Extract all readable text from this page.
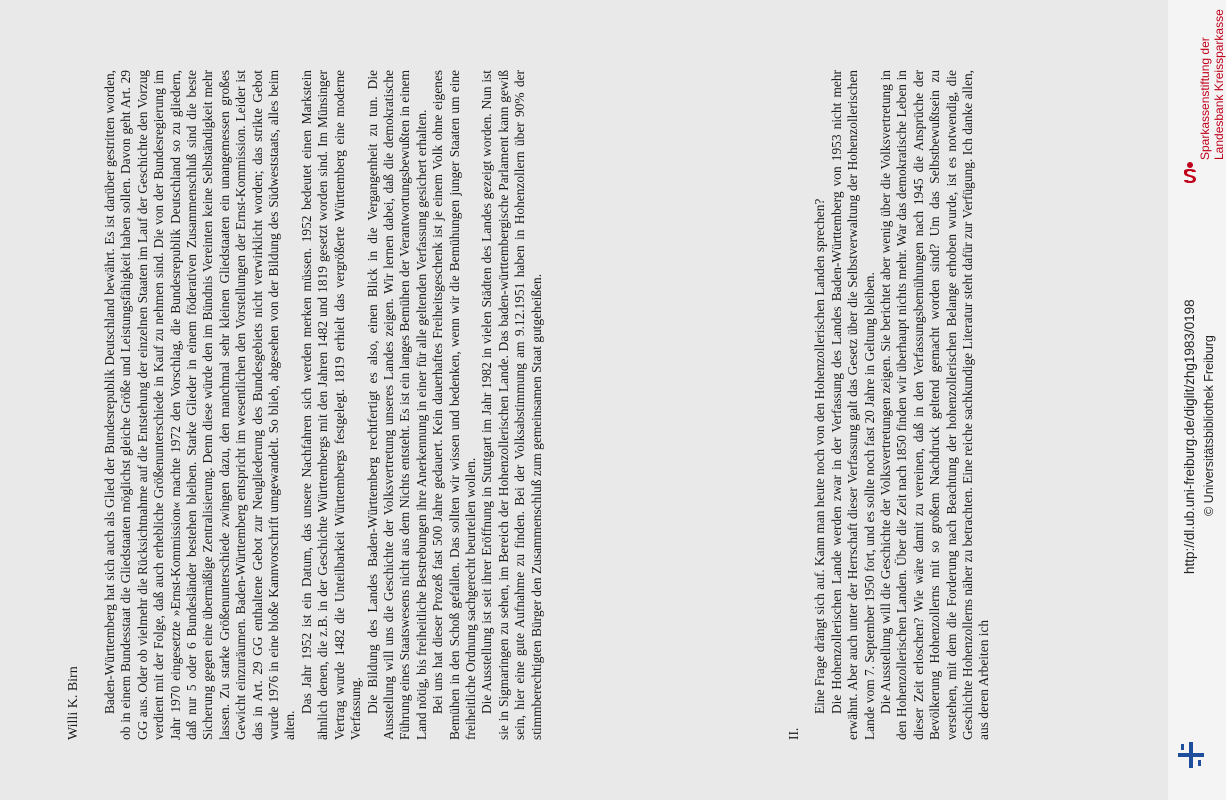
Willi K. Birn Baden-Württemberg hat sich auch als Glied der Bundesrepublik Deutschland bewährt. Es ist darüber gestritten worden, ob in einem Bundesstaat die Gliedstaaten möglichst gleiche Größe und Leistungsfähigkeit haben sollen. Davon geht Art. 29 GG aus. Oder ob vielmehr die Rücksichtnahme auf die Entstehung der einzelnen Staaten im Lauf der Geschichte den Vorzug verdient mit der Folge, daß auch erhebliche Größenunterschiede in Kauf zu nehmen sind. Die von der Bundesregierung im Jahr 1970 eingesetzte »Ernst-Kommission« machte 1972 den Vorschlag, die Bundesrepublik Deutschland so zu gliedern, daß nur 5 oder 6 Bundesländer bestehen bleiben. Starke Glieder in einem föderativen Zusammenschluß sind die beste Sicherung gegen eine übermäßige Zentralisierung. Denn diese würde den im Bündnis Vereinten keine Selbständigkeit mehr lassen. Zu starke Größenunterschiede zwingen dazu, den manchmal sehr kleinen Gliedstaaten ein unangemessen großes Gewicht einzuräumen. Baden-Württemberg entspricht im wesentlichen den Vorstellungen der Ernst-Kommission. Leider ist das in Art. 29 GG enthaltene Gebot zur Neugliederung des Bundesgebiets nicht verwirklicht worden; das strikte Gebot wurde 1976 in eine bloße Kannvorschrift umgewandelt. So blieb, abgesehen von der Bildung des Südweststaats, alles beim alten.

Das Jahr 1952 ist ein Datum, das unsere Nachfahren sich werden merken müssen. 1952 bedeutet einen Markstein ähnlich denen, die z.B. in der Geschichte Württembergs mit den Jahren 1482 und 1819 gesetzt worden sind. Im Münsinger Vertrag wurde 1482 die Unteilbarkeit Württembergs festgelegt. 1819 erhielt das vergrößerte Württemberg eine moderne Verfassung. Die Bildung des Landes Baden-Württemberg rechtfertigt es also, einen Blick in die Vergangenheit zu tun. Die Ausstellung will uns die Geschichte der Volksvertretung unseres Landes zeigen. Wir lernen dabei, daß die demokratische Führung eines Staatswesens nicht aus dem Nichts entsteht. Es ist ein langes Bemühen der Verantwortungsbewußten in einem Land nötig, bis freiheitliche Bestrebungen ihre Anerkennung in einer für alle geltenden Verfassung gesichert erhalten. Bei uns hat dieser Prozeß fast 500 Jahre gedauert. Kein dauerhaftes Freiheitsgeschenk ist je einem Volk ohne eigenes Bemühen in den Schoß gefallen. Das sollten wir wissen und bedenken, wenn wir die Bemühungen junger Staaten um eine freiheitliche Ordnung sachgerecht beurteilen wollen. Die Ausstellung ist seit ihrer Eröffnung in Stuttgart im Jahr 1982 in vielen Städten des Landes gezeigt worden. Nun ist sie in Sigmaringen zu sehen, im Bereich der Hohenzollerischen Lande. Das baden-württembergische Parlament kann gewiß sein, hier eine gute Aufnahme zu finden. Bei der Volksabstimmung am 9.12.1951 haben in Hohenzollern über 90% der stimmberechtigten Bürger den Zusammenschluß zum gemeinsamen Staat gutgeheißen.	II.

Eine Frage drängt sich auf. Kann man heute noch von den Hohenzollerischen Landen sprechen? Die Hohenzollerischen Lande werden zwar in der Verfassung des Landes Baden-Württemberg von 1953 nicht mehr erwähnt. Aber auch unter der Herrschaft dieser Verfassung galt das Gesetz über die Selbstverwaltung der Hohenzollerischen Lande vom 7. September 1950 fort, und es sollte noch fast 20 Jahre in Geltung bleiben. Die Ausstellung will die Geschichte der Volksvertretungen zeigen. Sie berichtet aber wenig über die Volksvertretung in den Hohenzollerischen Landen. Über die Zeit nach 1850 finden wir überhaupt nichts mehr. War das demokratische Leben in dieser Zeit erloschen? Wie wäre damit zu vereinen, daß in den Verfassungsbemühungen nach 1945 die Ansprüche der Bevölkerung Hohenzollerns mit so großem Nachdruck geltend gemacht worden sind? Um das Selbstbewußtsein zu verstehen, mit dem die Forderung nach Beachtung der hohenzollerischen Belange erhoben wurde, ist es notwendig, die Geschichte Hohenzollerns näher zu betrachten. Eine reiche sachkundige Literatur steht dafür zur Verfügung. Ich danke allen, aus deren Arbeiten ich

Sparkassenstiftung der Landesbank Kreissparkasse
http://dl.ub.uni-freiburg.de/diglit/zhg1983/0198 © Universitätsbibliothek Freiburg
